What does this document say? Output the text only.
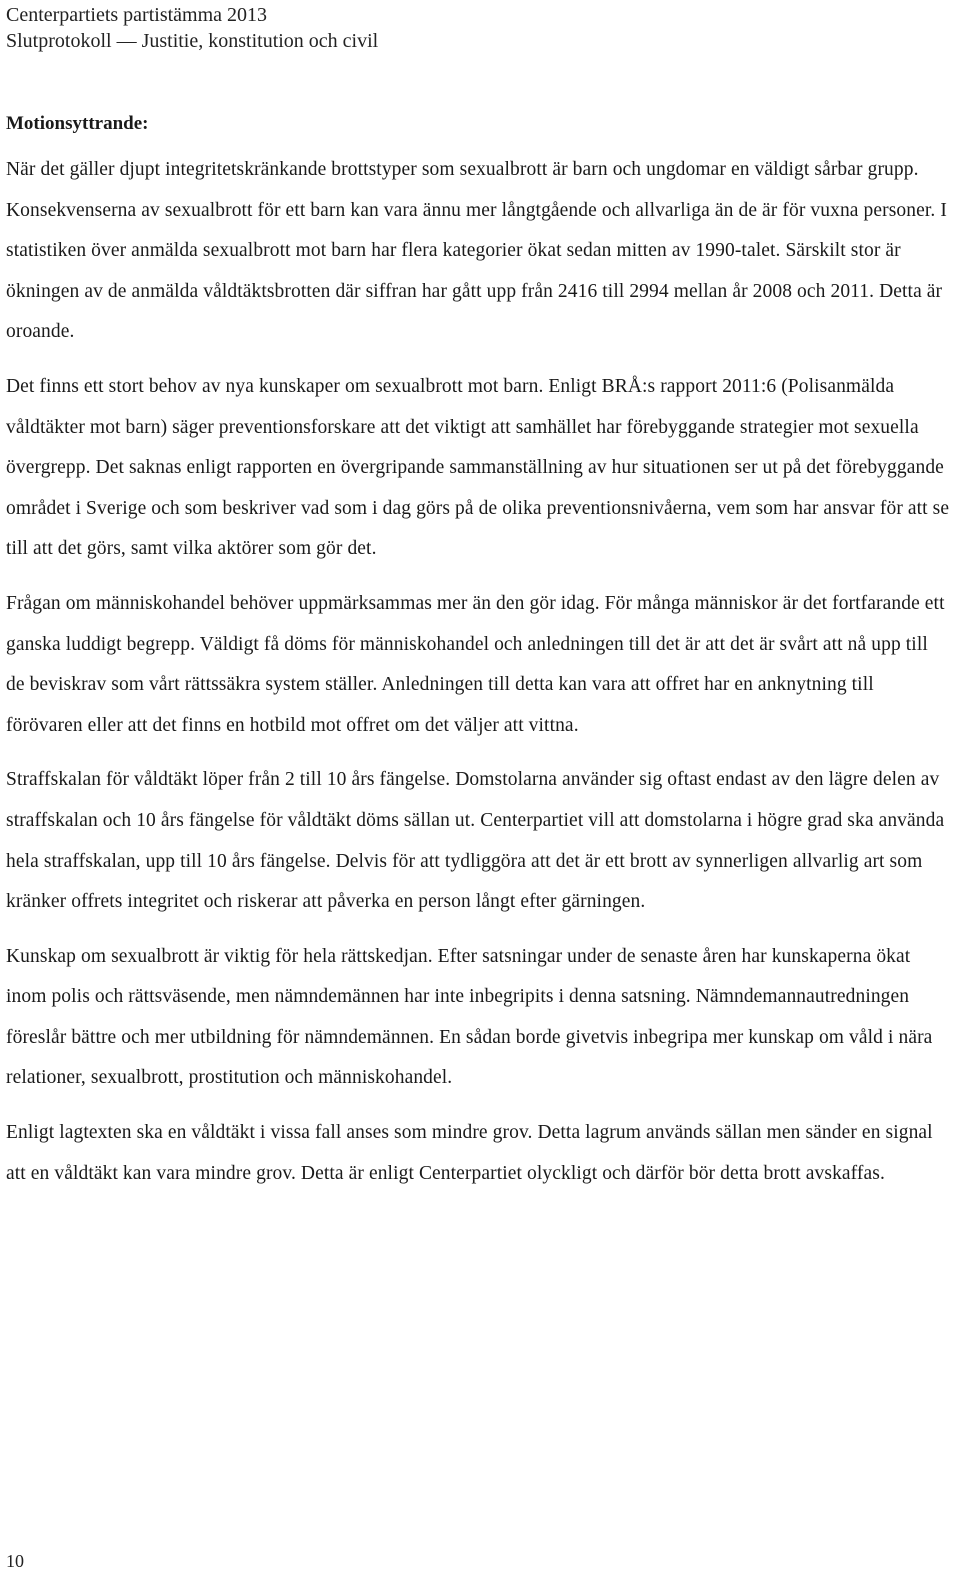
Centerpartiets partistämma 2013
Slutprotokoll — Justitie, konstitution och civil
Motionsyttrande:

När det gäller djupt integritetskränkande brottstyper som sexualbrott är barn och ungdomar en väldigt sårbar grupp. Konsekvenserna av sexualbrott för ett barn kan vara ännu mer långtgående och allvarliga än de är för vuxna personer. I statistiken över anmälda sexualbrott mot barn har flera kategorier ökat sedan mitten av 1990-talet. Särskilt stor är ökningen av de anmälda våldtäktsbrotten där siffran har gått upp från 2416 till 2994 mellan år 2008 och 2011. Detta är oroande.

Det finns ett stort behov av nya kunskaper om sexualbrott mot barn. Enligt BRÅ:s rapport 2011:6 (Polisanmälda våldtäkter mot barn) säger preventionsforskare att det viktigt att samhället har förebyggande strategier mot sexuella övergrepp. Det saknas enligt rapporten en övergripande sammanställning av hur situationen ser ut på det förebyggande området i Sverige och som beskriver vad som i dag görs på de olika preventionsnivåerna, vem som har ansvar för att se till att det görs, samt vilka aktörer som gör det.

Frågan om människohandel behöver uppmärksammas mer än den gör idag. För många människor är det fortfarande ett ganska luddigt begrepp. Väldigt få döms för människohandel och anledningen till det är att det är svårt att nå upp till de beviskrav som vårt rättssäkra system ställer. Anledningen till detta kan vara att offret har en anknytning till förövaren eller att det finns en hotbild mot offret om det väljer att vittna.

Straffskalan för våldtäkt löper från 2 till 10 års fängelse. Domstolarna använder sig oftast endast av den lägre delen av straffskalan och 10 års fängelse för våldtäkt döms sällan ut. Centerpartiet vill att domstolarna i högre grad ska använda hela straffskalan, upp till 10 års fängelse. Delvis för att tydliggöra att det är ett brott av synnerligen allvarlig art som kränker offrets integritet och riskerar att påverka en person långt efter gärningen.

Kunskap om sexualbrott är viktig för hela rättskedjan. Efter satsningar under de senaste åren har kunskaperna ökat inom polis och rättsväsende, men nämndemännen har inte inbegripits i denna satsning. Nämndemannautredningen föreslår bättre och mer utbildning för nämndemännen. En sådan borde givetvis inbegripa mer kunskap om våld i nära relationer, sexualbrott, prostitution och människohandel.

Enligt lagtexten ska en våldtäkt i vissa fall anses som mindre grov. Detta lagrum används sällan men sänder en signal att en våldtäkt kan vara mindre grov. Detta är enligt Centerpartiet olyckligt och därför bör detta brott avskaffas.

10
